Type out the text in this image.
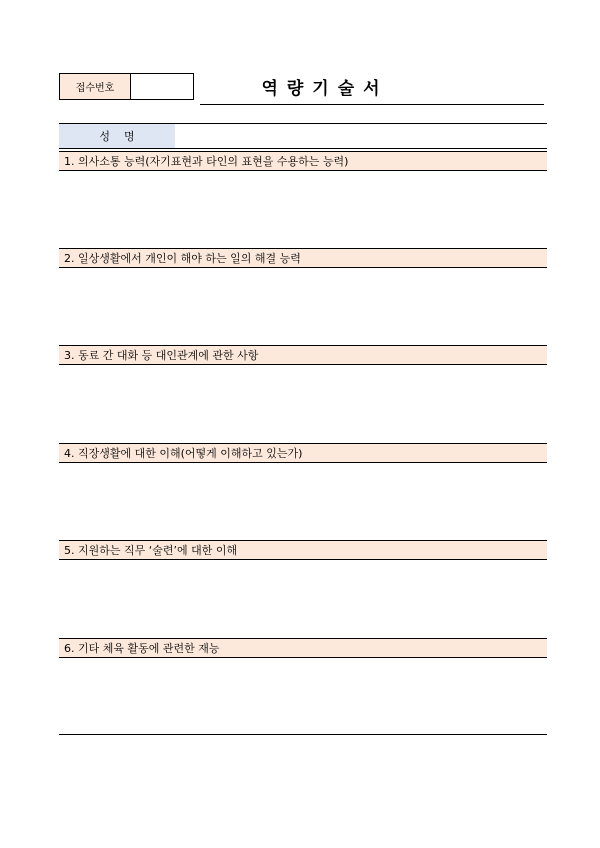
접수번호	역량기술서
성명
1. 의사소통 능력(자기표현과 타인의 표현을 수용하는 능력)
2. 일상생활에서 개인이 해야 하는 일의 해결 능력
3. 동료 간 대화 등 대인관계에 관한 사항
4. 직장생활에 대한 이해(어떻게 이해하고 있는가)
5. 지원하는 직무 ‘술련’에 대한 이해
6. 기타 체육 활동에 관련한 재능
